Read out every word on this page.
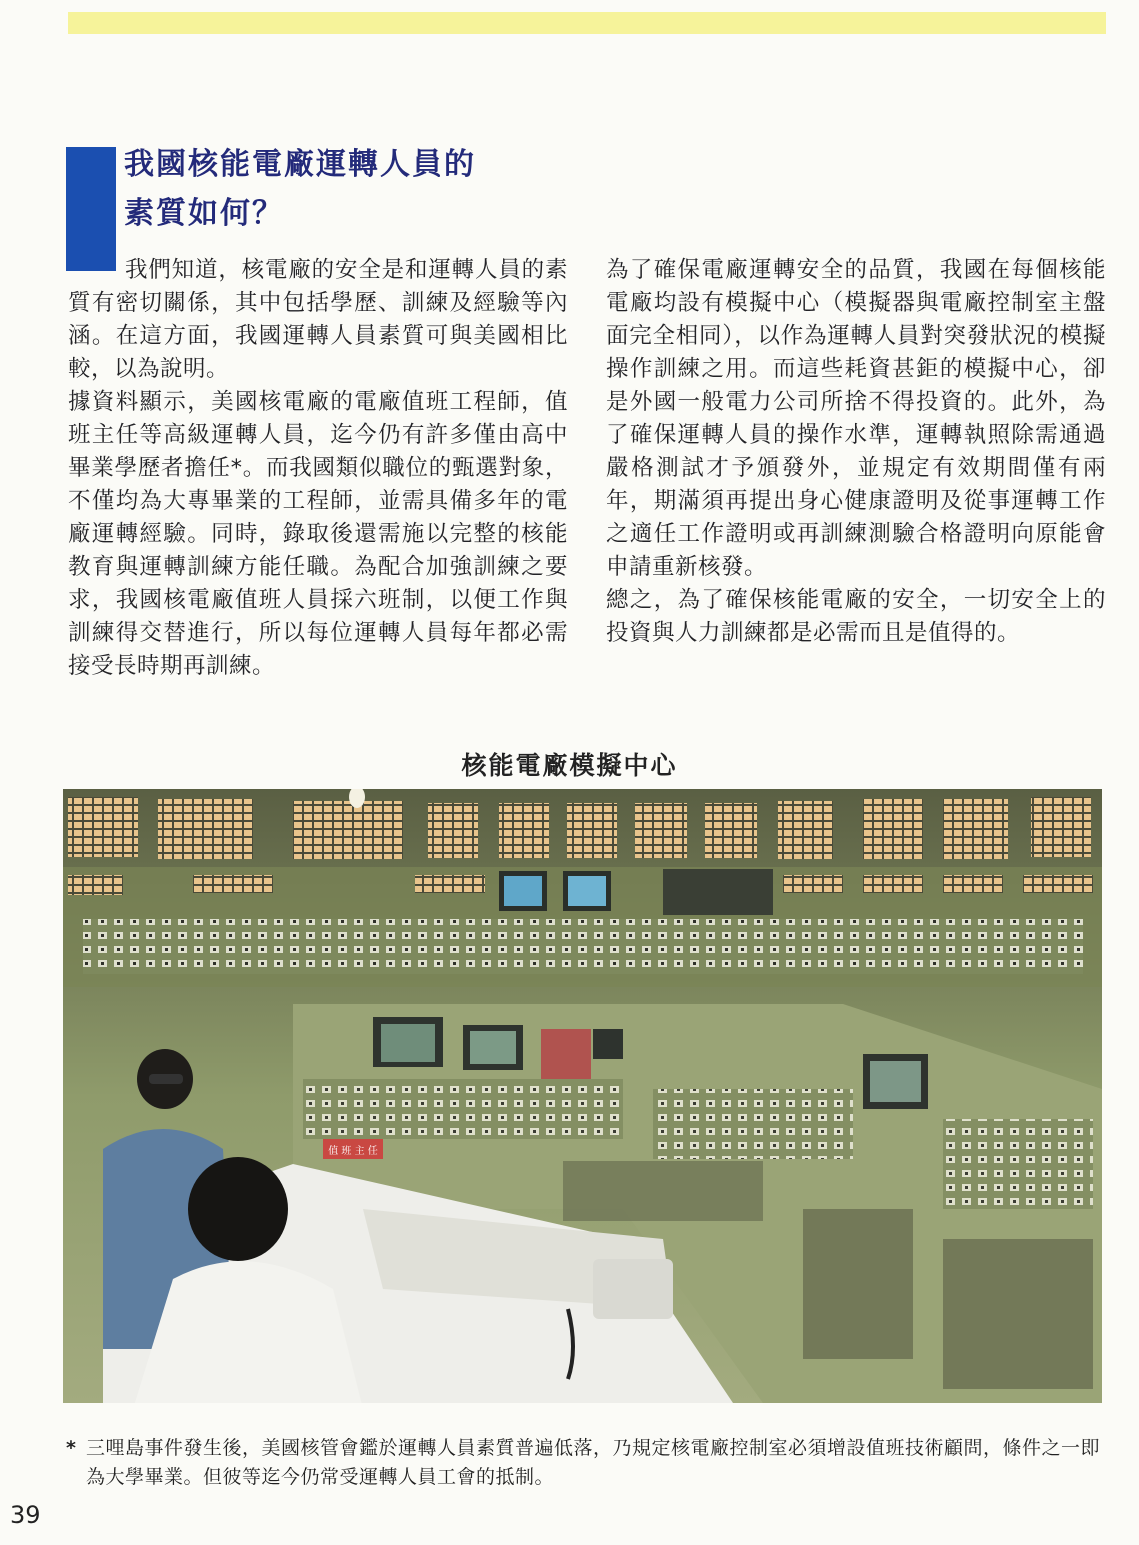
我國核能電廠運轉人員的
素質如何？

我們知道，核電廠的安全是和運轉人員的素質有密切關係，其中包括學歷、訓練及經驗等內涵。在這方面，我國運轉人員素質可與美國相比較，以為說明。

據資料顯示，美國核電廠的電廠值班工程師，值班主任等高級運轉人員，迄今仍有許多僅由高中畢業學歷者擔任*。而我國類似職位的甄選對象，不僅均為大專畢業的工程師，並需具備多年的電廠運轉經驗。同時，錄取後還需施以完整的核能教育與運轉訓練方能任職。為配合加強訓練之要求，我國核電廠值班人員採六班制，以便工作與訓練得交替進行，所以每位運轉人員每年都必需接受長時期再訓練。

為了確保電廠運轉安全的品質，我國在每個核能電廠均設有模擬中心（模擬器與電廠控制室主盤面完全相同），以作為運轉人員對突發狀況的模擬操作訓練之用。而這些耗資甚鉅的模擬中心，卻是外國一般電力公司所捨不得投資的。此外，為了確保運轉人員的操作水準，運轉執照除需通過嚴格測試才予頒發外，並規定有效期間僅有兩年，期滿須再提出身心健康證明及從事運轉工作之適任工作證明或再訓練測驗合格證明向原能會申請重新核發。

總之，為了確保核能電廠的安全，一切安全上的投資與人力訓練都是必需而且是值得的。

核能電廠模擬中心
值 班 主 任
* 三哩島事件發生後，美國核管會鑑於運轉人員素質普遍低落，乃規定核電廠控制室必須增設值班技術顧問，條件之一即為大學畢業。但彼等迄今仍常受運轉人員工會的抵制。
39
